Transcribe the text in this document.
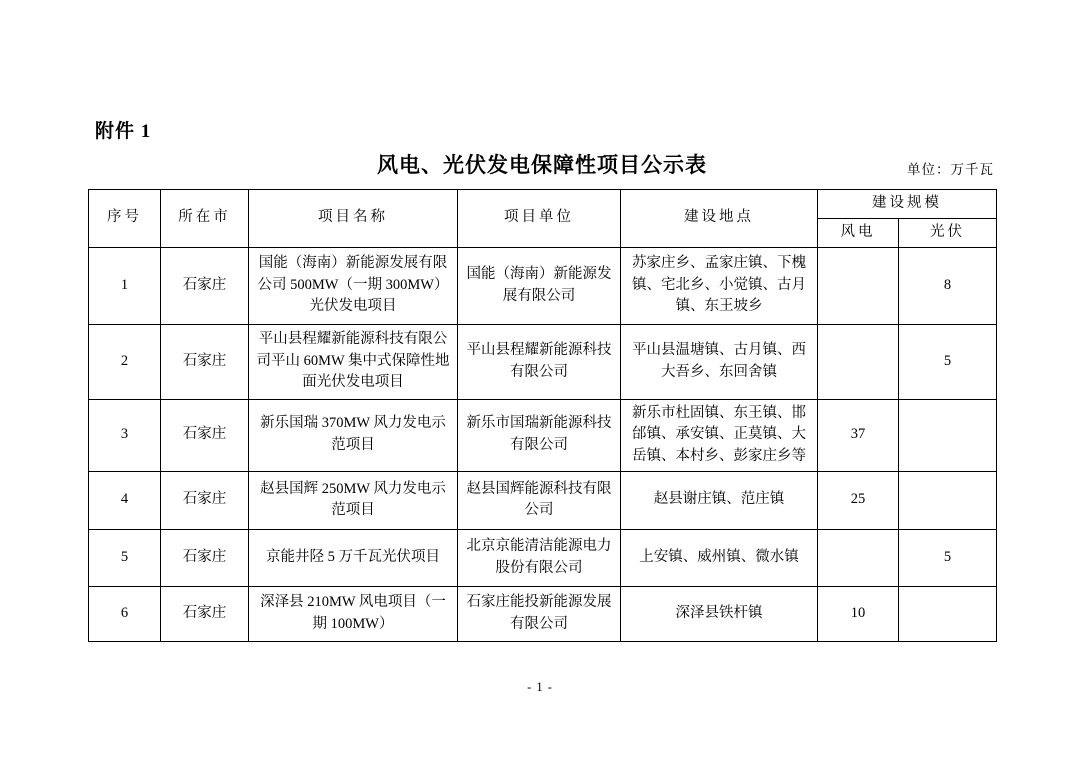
附件 1
风电、光伏发电保障性项目公示表	单位：万千瓦
序号	所在市	项目名称	项目单位	建设地点	建设规模	
					风电	光伏
1	石家庄	国能（海南）新能源发展有限公司 500MW（一期 300MW）光伏发电项目	国能（海南）新能源发展有限公司	苏家庄乡、孟家庄镇、下槐镇、宅北乡、小觉镇、古月镇、东王坡乡		8
2	石家庄	平山县程耀新能源科技有限公司平山 60MW 集中式保障性地面光伏发电项目	平山县程耀新能源科技有限公司	平山县温塘镇、古月镇、西大吾乡、东回舍镇		5
3	石家庄	新乐国瑞 370MW 风力发电示范项目	新乐市国瑞新能源科技有限公司	新乐市杜固镇、东王镇、邯邰镇、承安镇、正莫镇、大岳镇、本村乡、彭家庄乡等	37	
4	石家庄	赵县国辉 250MW 风力发电示范项目	赵县国辉能源科技有限公司	赵县谢庄镇、范庄镇	25	
5	石家庄	京能井陉 5 万千瓦光伏项目	北京京能清洁能源电力股份有限公司	上安镇、威州镇、微水镇		5
6	石家庄	深泽县 210MW 风电项目（一期 100MW）	石家庄能投新能源发展有限公司	深泽县铁杆镇	10	
- 1 -
